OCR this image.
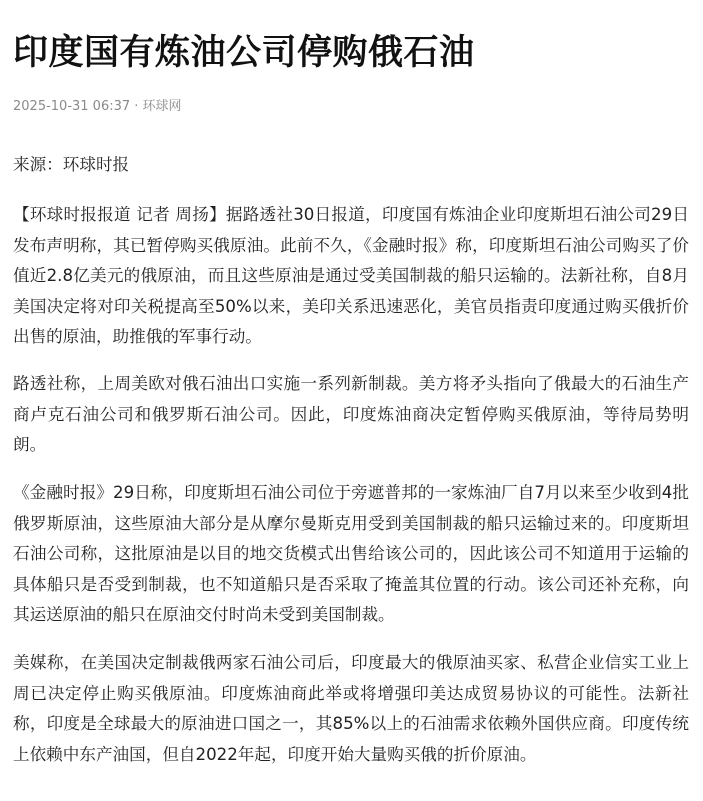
印度国有炼油公司停购俄石油
2025-10-31 06:37 · 环球网

来源：环球时报

【环球时报报道 记者 周扬】据路透社30日报道，印度国有炼油企业印度斯坦石油公司29日发布声明称，其已暂停购买俄原油。此前不久，《金融时报》称，印度斯坦石油公司购买了价值近2.8亿美元的俄原油，而且这些原油是通过受美国制裁的船只运输的。法新社称，自8月美国决定将对印关税提高至50%以来，美印关系迅速恶化，美官员指责印度通过购买俄折价出售的原油，助推俄的军事行动。

路透社称，上周美欧对俄石油出口实施一系列新制裁。美方将矛头指向了俄最大的石油生产商卢克石油公司和俄罗斯石油公司。因此，印度炼油商决定暂停购买俄原油，等待局势明朗。

《金融时报》29日称，印度斯坦石油公司位于旁遮普邦的一家炼油厂自7月以来至少收到4批俄罗斯原油，这些原油大部分是从摩尔曼斯克用受到美国制裁的船只运输过来的。印度斯坦石油公司称，这批原油是以目的地交货模式出售给该公司的，因此该公司不知道用于运输的具体船只是否受到制裁，也不知道船只是否采取了掩盖其位置的行动。该公司还补充称，向其运送原油的船只在原油交付时尚未受到美国制裁。

美媒称，在美国决定制裁俄两家石油公司后，印度最大的俄原油买家、私营企业信实工业上周已决定停止购买俄原油。印度炼油商此举或将增强印美达成贸易协议的可能性。法新社称，印度是全球最大的原油进口国之一，其85%以上的石油需求依赖外国供应商。印度传统上依赖中东产油国，但自2022年起，印度开始大量购买俄的折价原油。
